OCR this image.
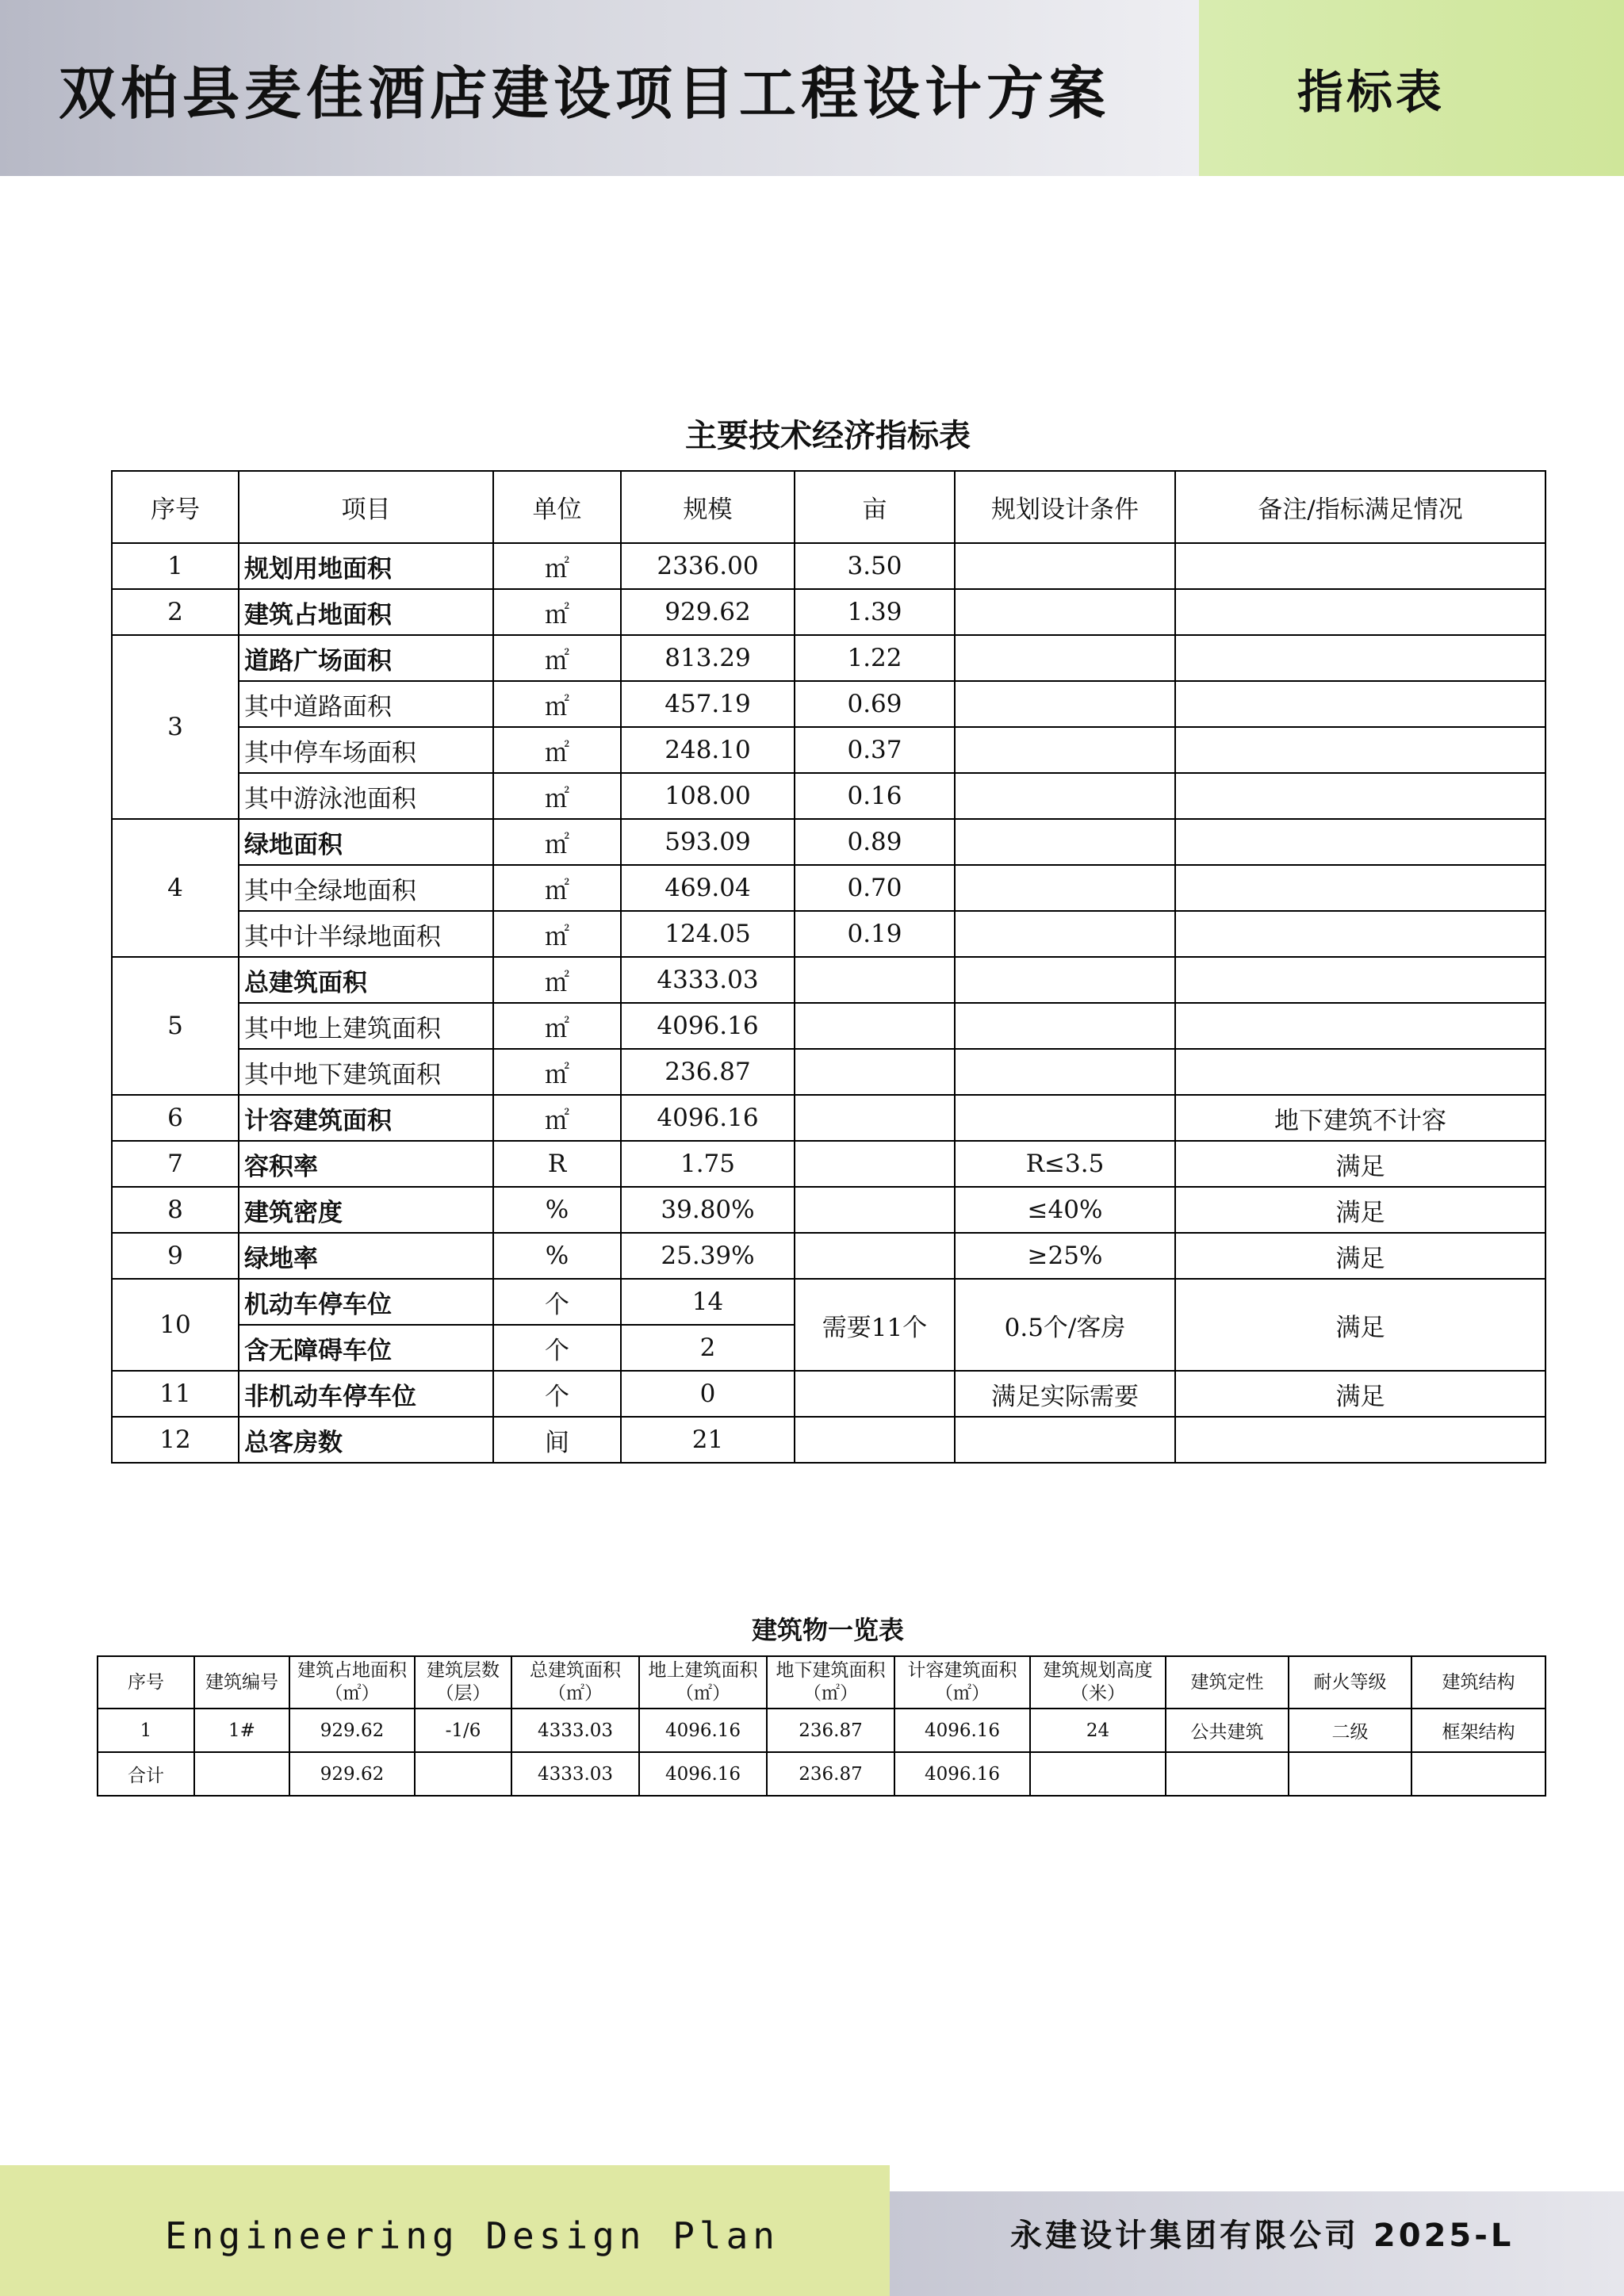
双柏县麦佳酒店建设项目工程设计方案	指标表
主要技术经济指标表
序号	项目	单位	规模	亩	规划设计条件	备注/指标满足情况
1	规划用地面积	㎡	2336.00	3.50		
2	建筑占地面积	㎡	929.62	1.39		
3	道路广场面积	㎡	813.29	1.22		
	其中道路面积	㎡	457.19	0.69		
	其中停车场面积	㎡	248.10	0.37		
	其中游泳池面积	㎡	108.00	0.16		
4	绿地面积	㎡	593.09	0.89		
	其中全绿地面积	㎡	469.04	0.70		
	其中计半绿地面积	㎡	124.05	0.19		
5	总建筑面积	㎡	4333.03			
	其中地上建筑面积	㎡	4096.16			
	其中地下建筑面积	㎡	236.87			
6	计容建筑面积	㎡	4096.16			地下建筑不计容
7	容积率	R	1.75		R≤3.5	满足
8	建筑密度	%	39.80%		≤40%	满足
9	绿地率	%	25.39%		≥25%	满足
10	机动车停车位	个	14	需要11个	0.5个/客房	满足
	含无障碍车位	个	2			
11	非机动车停车位	个	0		满足实际需要	满足
12	总客房数	间	21			
建筑物一览表
序号	建筑编号	建筑占地面积（㎡）	建筑层数（层）	总建筑面积（㎡）	地上建筑面积（㎡）	地下建筑面积（㎡）	计容建筑面积（㎡）	建筑规划高度（米）	建筑定性	耐火等级	建筑结构
1	1#	929.62	-1/6	4333.03	4096.16	236.87	4096.16	24	公共建筑	二级	框架结构
合计		929.62		4333.03	4096.16	236.87	4096.16				

Engineering Design Plan	永建设计集团有限公司 2025-L
